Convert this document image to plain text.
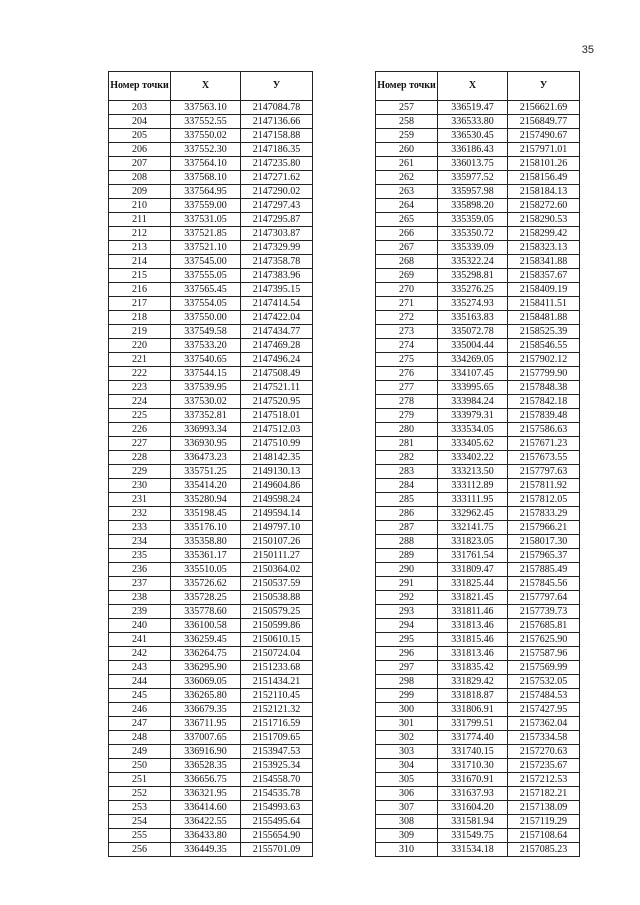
35
Номер точки	X	У
203	337563.10	2147084.78
204	337552.55	2147136.66
205	337550.02	2147158.88
206	337552.30	2147186.35
207	337564.10	2147235.80
208	337568.10	2147271.62
209	337564.95	2147290.02
210	337559.00	2147297.43
211	337531.05	2147295.87
212	337521.85	2147303.87
213	337521.10	2147329.99
214	337545.00	2147358.78
215	337555.05	2147383.96
216	337565.45	2147395.15
217	337554.05	2147414.54
218	337550.00	2147422.04
219	337549.58	2147434.77
220	337533.20	2147469.28
221	337540.65	2147496.24
222	337544.15	2147508.49
223	337539.95	2147521.11
224	337530.02	2147520.95
225	337352.81	2147518.01
226	336993.34	2147512.03
227	336930.95	2147510.99
228	336473.23	2148142.35
229	335751.25	2149130.13
230	335414.20	2149604.86
231	335280.94	2149598.24
232	335198.45	2149594.14
233	335176.10	2149797.10
234	335358.80	2150107.26
235	335361.17	2150111.27
236	335510.05	2150364.02
237	335726.62	2150537.59
238	335728.25	2150538.88
239	335778.60	2150579.25
240	336100.58	2150599.86
241	336259.45	2150610.15
242	336264.75	2150724.04
243	336295.90	2151233.68
244	336069.05	2151434.21
245	336265.80	2152110.45
246	336679.35	2152121.32
247	336711.95	2151716.59
248	337007.65	2151709.65
249	336916.90	2153947.53
250	336528.35	2153925.34
251	336656.75	2154558.70
252	336321.95	2154535.78
253	336414.60	2154993.63
254	336422.55	2155495.64
255	336433.80	2155654.90
256	336449.35	2155701.09
Номер точки	X	У
257	336519.47	2156621.69
258	336533.80	2156849.77
259	336530.45	2157490.67
260	336186.43	2157971.01
261	336013.75	2158101.26
262	335977.52	2158156.49
263	335957.98	2158184.13
264	335898.20	2158272.60
265	335359.05	2158290.53
266	335350.72	2158299.42
267	335339.09	2158323.13
268	335322.24	2158341.88
269	335298.81	2158357.67
270	335276.25	2158409.19
271	335274.93	2158411.51
272	335163.83	2158481.88
273	335072.78	2158525.39
274	335004.44	2158546.55
275	334269.05	2157902.12
276	334107.45	2157799.90
277	333995.65	2157848.38
278	333984.24	2157842.18
279	333979.31	2157839.48
280	333534.05	2157586.63
281	333405.62	2157671.23
282	333402.22	2157673.55
283	333213.50	2157797.63
284	333112.89	2157811.92
285	333111.95	2157812.05
286	332962.45	2157833.29
287	332141.75	2157966.21
288	331823.05	2158017.30
289	331761.54	2157965.37
290	331809.47	2157885.49
291	331825.44	2157845.56
292	331821.45	2157797.64
293	331811.46	2157739.73
294	331813.46	2157685.81
295	331815.46	2157625.90
296	331813.46	2157587.96
297	331835.42	2157569.99
298	331829.42	2157532.05
299	331818.87	2157484.53
300	331806.91	2157427.95
301	331799.51	2157362.04
302	331774.40	2157334.58
303	331740.15	2157270.63
304	331710.30	2157235.67
305	331670.91	2157212.53
306	331637.93	2157182.21
307	331604.20	2157138.09
308	331581.94	2157119.29
309	331549.75	2157108.64
310	331534.18	2157085.23
